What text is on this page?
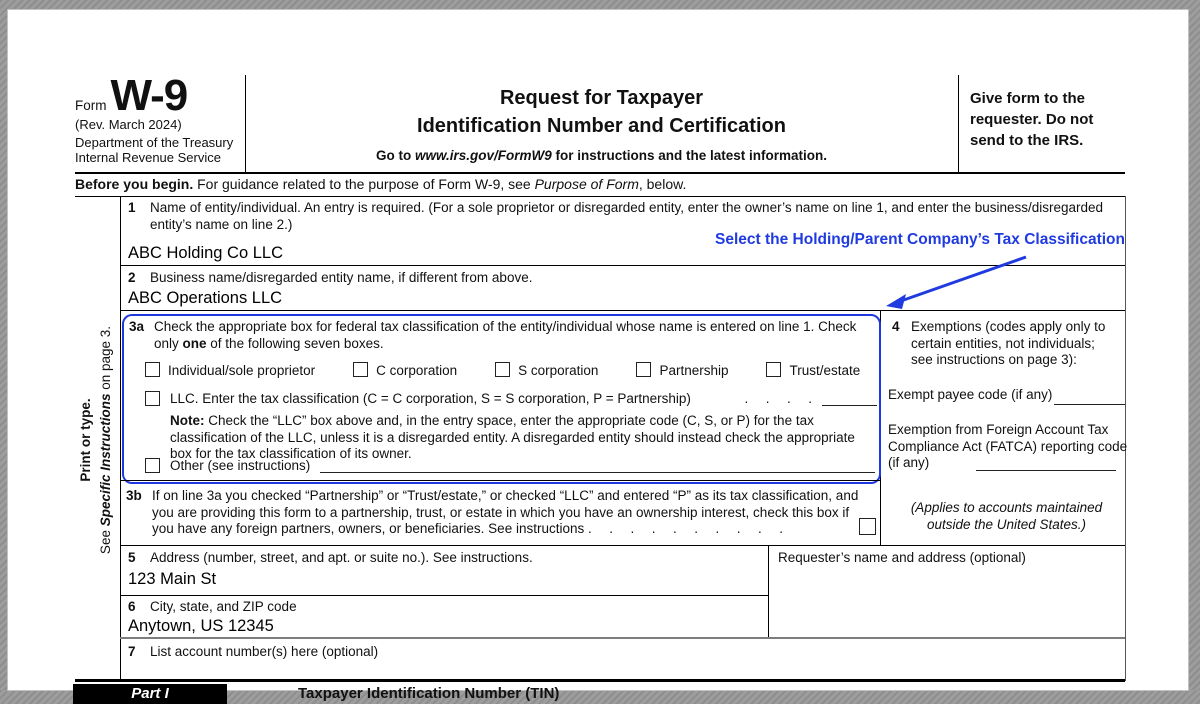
FormW-9
(Rev. March 2024)
Department of the Treasury
Internal Revenue Service
Request for Taxpayer
Identification Number and Certification
Go to www.irs.gov/FormW9 for instructions and the latest information.
Give form to the requester. Do not send to the IRS.
Before you begin. For guidance related to the purpose of Form W-9, see Purpose of Form, below.
Print or type.
See Specific Instructions on page 3.
1 Name of entity/individual. An entry is required. (For a sole proprietor or disregarded entity, enter the owner’s name on line 1, and enter the business/disregarded entity’s name on line 2.)
ABC Holding Co LLC
Select the Holding/Parent Company’s Tax Classification
2 Business name/disregarded entity name, if different from above.
ABC Operations LLC
3a Check the appropriate box for federal tax classification of the entity/individual whose name is entered on line 1. Check only one of the following seven boxes.
Individual/sole proprietor	C corporation	S corporation	Partnership	Trust/estate
LLC. Enter the tax classification (C = C corporation, S = S corporation, P = Partnership)	. . . .
Note: Check the “LLC” box above and, in the entry space, enter the appropriate code (C, S, or P) for the tax classification of the LLC, unless it is a disregarded entity. A disregarded entity should instead check the appropriate box for the tax classification of its owner.
Other (see instructions)
3b If on line 3a you checked “Partnership” or “Trust/estate,” or checked “LLC” and entered “P” as its tax classification, and you are providing this form to a partnership, trust, or estate in which you have an ownership interest, check this box if you have any foreign partners, owners, or beneficiaries. See instructions . . . . . . . . . .
4 Exemptions (codes apply only to certain entities, not individuals; see instructions on page 3):
Exempt payee code (if any)
Exemption from Foreign Account Tax Compliance Act (FATCA) reporting code (if any)
(Applies to accounts maintained outside the United States.)
5 Address (number, street, and apt. or suite no.). See instructions.
123 Main St
Requester’s name and address (optional)
6 City, state, and ZIP code
Anytown, US 12345
7 List account number(s) here (optional)
Part I	Taxpayer Identification Number (TIN)
